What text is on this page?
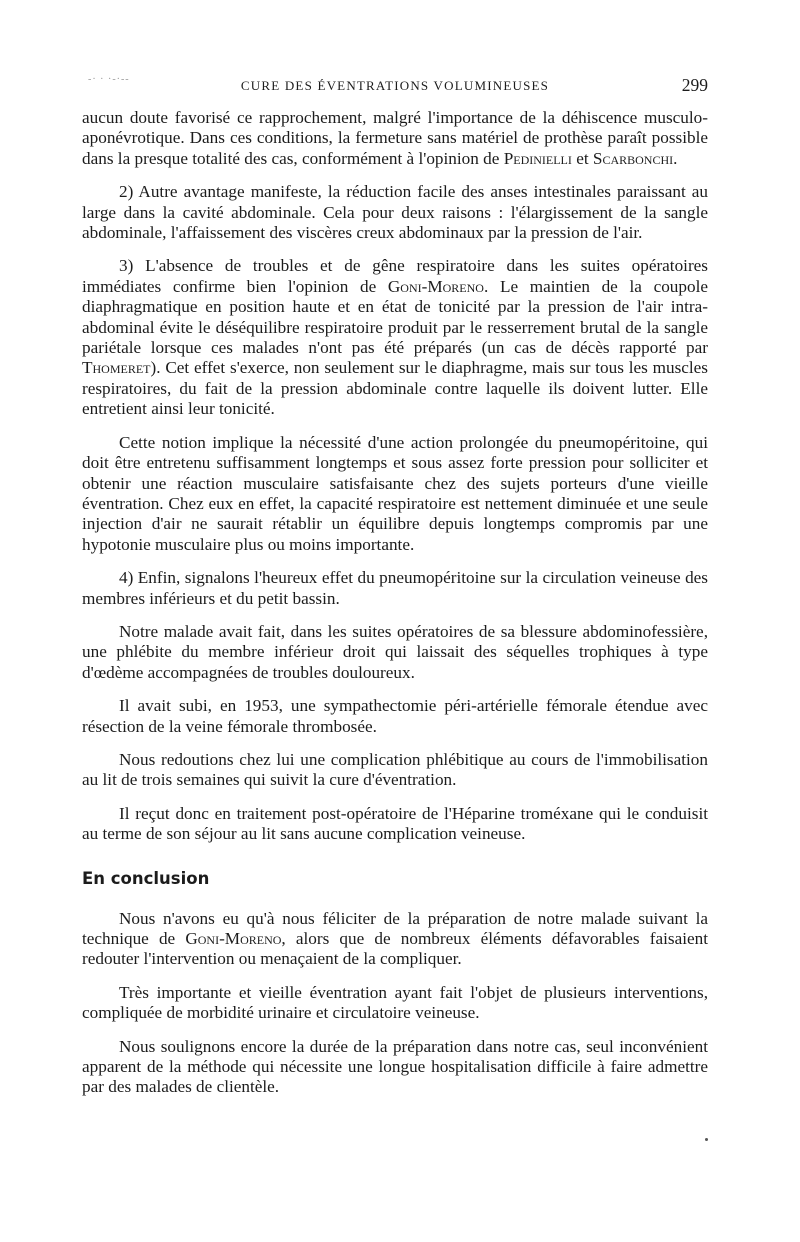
-· · ·-·--	CURE DES ÉVENTRATIONS VOLUMINEUSES	299

aucun doute favorisé ce rapprochement, malgré l'importance de la déhiscence musculo-aponévrotique. Dans ces conditions, la fermeture sans matériel de prothèse paraît possible dans la presque totalité des cas, conformément à l'opinion de Pedinielli et Scarbonchi.

2) Autre avantage manifeste, la réduction facile des anses intestinales paraissant au large dans la cavité abdominale. Cela pour deux raisons : l'élargissement de la sangle abdominale, l'affaissement des viscères creux abdominaux par la pression de l'air.

3) L'absence de troubles et de gêne respiratoire dans les suites opératoires immédiates confirme bien l'opinion de Goni-Moreno. Le maintien de la coupole diaphragmatique en position haute et en état de tonicité par la pression de l'air intra-abdominal évite le déséquilibre respiratoire produit par le resserrement brutal de la sangle pariétale lorsque ces malades n'ont pas été préparés (un cas de décès rapporté par Thomeret). Cet effet s'exerce, non seulement sur le diaphragme, mais sur tous les muscles respiratoires, du fait de la pression abdominale contre laquelle ils doivent lutter. Elle entretient ainsi leur tonicité.

Cette notion implique la nécessité d'une action prolongée du pneumopéritoine, qui doit être entretenu suffisamment longtemps et sous assez forte pression pour solliciter et obtenir une réaction musculaire satisfaisante chez des sujets porteurs d'une vieille éventration. Chez eux en effet, la capacité respiratoire est nettement diminuée et une seule injection d'air ne saurait rétablir un équilibre depuis longtemps compromis par une hypotonie musculaire plus ou moins importante.

4) Enfin, signalons l'heureux effet du pneumopéritoine sur la circulation veineuse des membres inférieurs et du petit bassin.

Notre malade avait fait, dans les suites opératoires de sa blessure abdominofessière, une phlébite du membre inférieur droit qui laissait des séquelles trophiques à type d'œdème accompagnées de troubles douloureux.

Il avait subi, en 1953, une sympathectomie péri-artérielle fémorale étendue avec résection de la veine fémorale thrombosée.

Nous redoutions chez lui une complication phlébitique au cours de l'immobilisation au lit de trois semaines qui suivit la cure d'éventration.

Il reçut donc en traitement post-opératoire de l'Héparine troméxane qui le conduisit au terme de son séjour au lit sans aucune complication veineuse.

En conclusion

Nous n'avons eu qu'à nous féliciter de la préparation de notre malade suivant la technique de Goni-Moreno, alors que de nombreux éléments défavorables faisaient redouter l'intervention ou menaçaient de la compliquer.

Très importante et vieille éventration ayant fait l'objet de plusieurs interventions, compliquée de morbidité urinaire et circulatoire veineuse.

Nous soulignons encore la durée de la préparation dans notre cas, seul inconvénient apparent de la méthode qui nécessite une longue hospitalisation difficile à faire admettre par des malades de clientèle.
